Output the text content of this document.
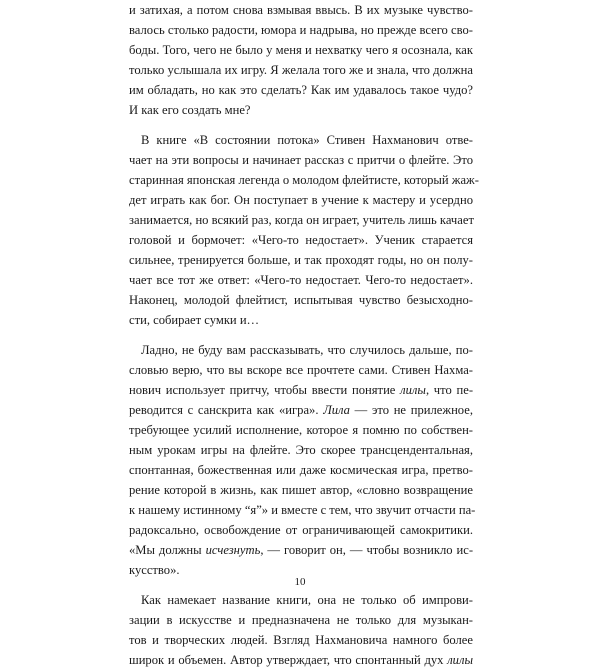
и затихая, а потом снова взмывая ввысь. В их музыке чувство-
валось столько радости, юмора и надрыва, но прежде всего сво-
боды. Того, чего не было у меня и нехватку чего я осознала, как
только услышала их игру. Я желала того же и знала, что должна
им обладать, но как это сделать? Как им удавалось такое чудо?
И как его создать мне?
В книге «В состоянии потока» Стивен Нахманович отве-
чает на эти вопросы и начинает рассказ с притчи о флейте. Это
старинная японская легенда о молодом флейтисте, который жаж-
дет играть как бог. Он поступает в учение к мастеру и усердно
занимается, но всякий раз, когда он играет, учитель лишь качает
головой и бормочет: «Чего-то недостает». Ученик старается
сильнее, тренируется больше, и так проходят годы, но он полу-
чает все тот же ответ: «Чего-то недостает. Чего-то недостает».
Наконец, молодой флейтист, испытывая чувство безысходно-
сти, собирает сумки и…
Ладно, не буду вам рассказывать, что случилось дальше, по-
словью верю, что вы вскоре все прочтете сами. Стивен Нахма-
нович использует притчу, чтобы ввести понятие лилы, что пе-
реводится с санскрита как «игра». Лила — это не прилежное,
требующее усилий исполнение, которое я помню по собствен-
ным урокам игры на флейте. Это скорее трансцендентальная,
спонтанная, божественная или даже космическая игра, претво-
рение которой в жизнь, как пишет автор, «словно возвращение
к нашему истинному “я”» и вместе с тем, что звучит отчасти па-
радоксально, освобождение от ограничивающей самокритики.
«Мы должны исчезнуть, — говорит он, — чтобы возникло ис-
кусство».
Как намекает название книги, она не только об импрови-
зации в искусстве и предназначена не только для музыкан-
тов и творческих людей. Взгляд Нахмановича намного более
широк и объемен. Автор утверждает, что спонтанный дух лилы
10
